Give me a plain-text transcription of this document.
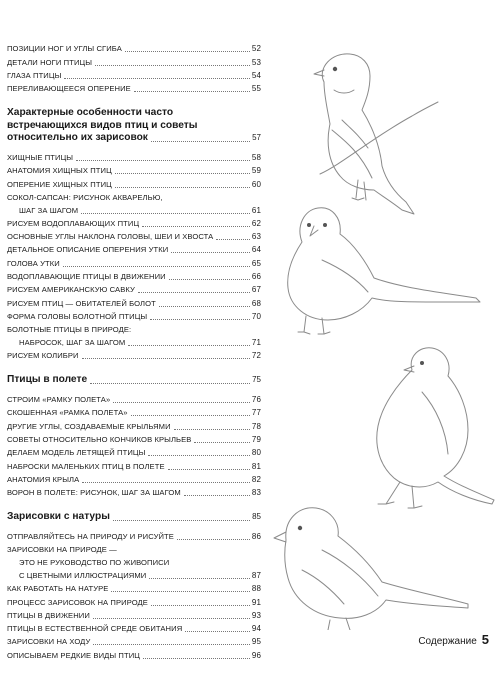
ПОЗИЦИИ НОГ И УГЛЫ СГИБА	52
ДЕТАЛИ НОГИ ПТИЦЫ	53
ГЛАЗА ПТИЦЫ	54
ПЕРЕЛИВАЮЩЕЕСЯ ОПЕРЕНИЕ	55
Характерные особенности часто
встречающихся видов птиц и советы
относительно их зарисовок	57
ХИЩНЫЕ ПТИЦЫ	58
АНАТОМИЯ ХИЩНЫХ ПТИЦ	59
ОПЕРЕНИЕ ХИЩНЫХ ПТИЦ	60
СОКОЛ-САПСАН: РИСУНОК АКВАРЕЛЬЮ,
ШАГ ЗА ШАГОМ	61
РИСУЕМ ВОДОПЛАВАЮЩИХ ПТИЦ	62
ОСНОВНЫЕ УГЛЫ НАКЛОНА ГОЛОВЫ, ШЕИ И ХВОСТА	63
ДЕТАЛЬНОЕ ОПИСАНИЕ ОПЕРЕНИЯ УТКИ	64
ГОЛОВА УТКИ	65
ВОДОПЛАВАЮЩИЕ ПТИЦЫ В ДВИЖЕНИИ	66
РИСУЕМ АМЕРИКАНСКУЮ САВКУ	67
РИСУЕМ ПТИЦ — ОБИТАТЕЛЕЙ БОЛОТ	68
ФОРМА ГОЛОВЫ БОЛОТНОЙ ПТИЦЫ	70
БОЛОТНЫЕ ПТИЦЫ В ПРИРОДЕ:
НАБРОСОК, ШАГ ЗА ШАГОМ	71
РИСУЕМ КОЛИБРИ	72
Птицы в полете	75
СТРОИМ «РАМКУ ПОЛЕТА»	76
СКОШЕННАЯ «РАМКА ПОЛЕТА»	77
ДРУГИЕ УГЛЫ, СОЗДАВАЕМЫЕ КРЫЛЬЯМИ	78
СОВЕТЫ ОТНОСИТЕЛЬНО КОНЧИКОВ КРЫЛЬЕВ	79
ДЕЛАЕМ МОДЕЛЬ ЛЕТЯЩЕЙ ПТИЦЫ	80
НАБРОСКИ МАЛЕНЬКИХ ПТИЦ В ПОЛЕТЕ	81
АНАТОМИЯ КРЫЛА	82
ВОРОН В ПОЛЕТЕ: РИСУНОК, ШАГ ЗА ШАГОМ	83
Зарисовки с натуры	85
ОТПРАВЛЯЙТЕСЬ НА ПРИРОДУ И РИСУЙТЕ	86
ЗАРИСОВКИ НА ПРИРОДЕ —
ЭТО НЕ РУКОВОДСТВО ПО ЖИВОПИСИ
С ЦВЕТНЫМИ ИЛЛЮСТРАЦИЯМИ	87
КАК РАБОТАТЬ НА НАТУРЕ	88
ПРОЦЕСС ЗАРИСОВОК НА ПРИРОДЕ	91
ПТИЦЫ В ДВИЖЕНИИ	93
ПТИЦЫ В ЕСТЕСТВЕННОЙ СРЕДЕ ОБИТАНИЯ	94
ЗАРИСОВКИ НА ХОДУ	95
ОПИСЫВАЕМ РЕДКИЕ ВИДЫ ПТИЦ	96
Содержание 5
